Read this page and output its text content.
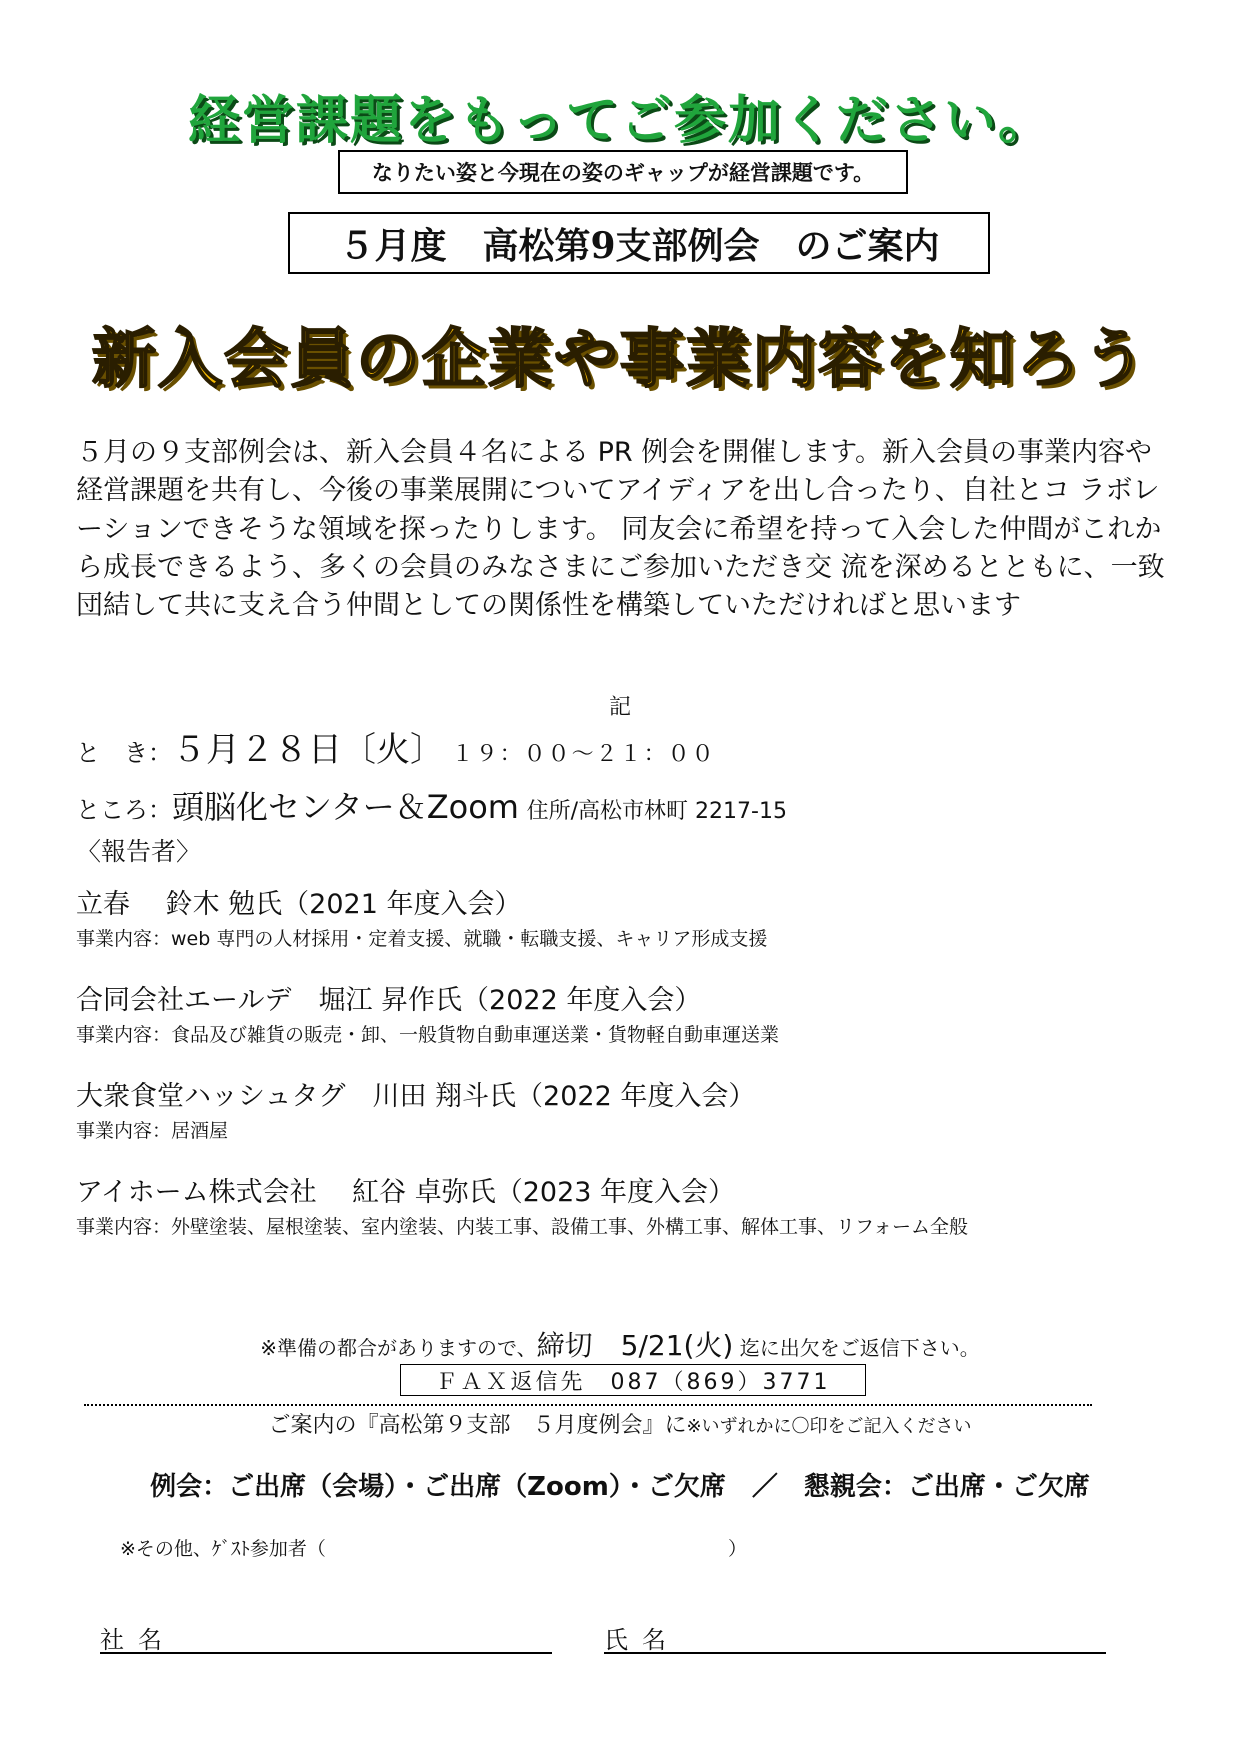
経営課題をもってご参加ください。
なりたい姿と今現在の姿のギャップが経営課題です。
５月度　高松第9支部例会　のご案内
新入会員の企業や事業内容を知ろう
５月の９支部例会は、新入会員４名による PR 例会を開催します。新入会員の事業内容や経営課題を共有し、今後の事業展開についてアイディアを出し合ったり、自社とコ ラボレーションできそうな領域を探ったりします。 同友会に希望を持って入会した仲間がこれから成長できるよう、多くの会員のみなさまにご参加いただき交 流を深めるとともに、一致団結して共に支え合う仲間としての関係性を構築していただければと思います
記
と　き：５月２８日〔火〕 １９：００～２１：００
ところ：頭脳化センター＆Zoom 住所/高松市林町 2217-15
〈報告者〉
立春　 鈴木 勉氏（2021 年度入会）
事業内容：web 専門の人材採用・定着支援、就職・転職支援、キャリア形成支援
合同会社エールデ　堀江 昇作氏（2022 年度入会）
事業内容：食品及び雑貨の販売・卸、一般貨物自動車運送業・貨物軽自動車運送業
大衆食堂ハッシュタグ　川田 翔斗氏（2022 年度入会）
事業内容：居酒屋
アイホーム株式会社　 紅谷 卓弥氏（2023 年度入会）
事業内容：外壁塗装、屋根塗装、室内塗装、内装工事、設備工事、外構工事、解体工事、リフォーム全般
※準備の都合がありますので、締切　5/21(火) 迄に出欠をご返信下さい。
ＦＡＸ返信先　087（869）3771
ご案内の『高松第９支部　５月度例会』に※いずれかに〇印をご記入ください
例会：ご出席（会場）・ご出席（Zoom）・ご欠席　／　懇親会：ご出席・ご欠席
※その他、ｹﾞｽﾄ参加者（	）
社名	氏名
